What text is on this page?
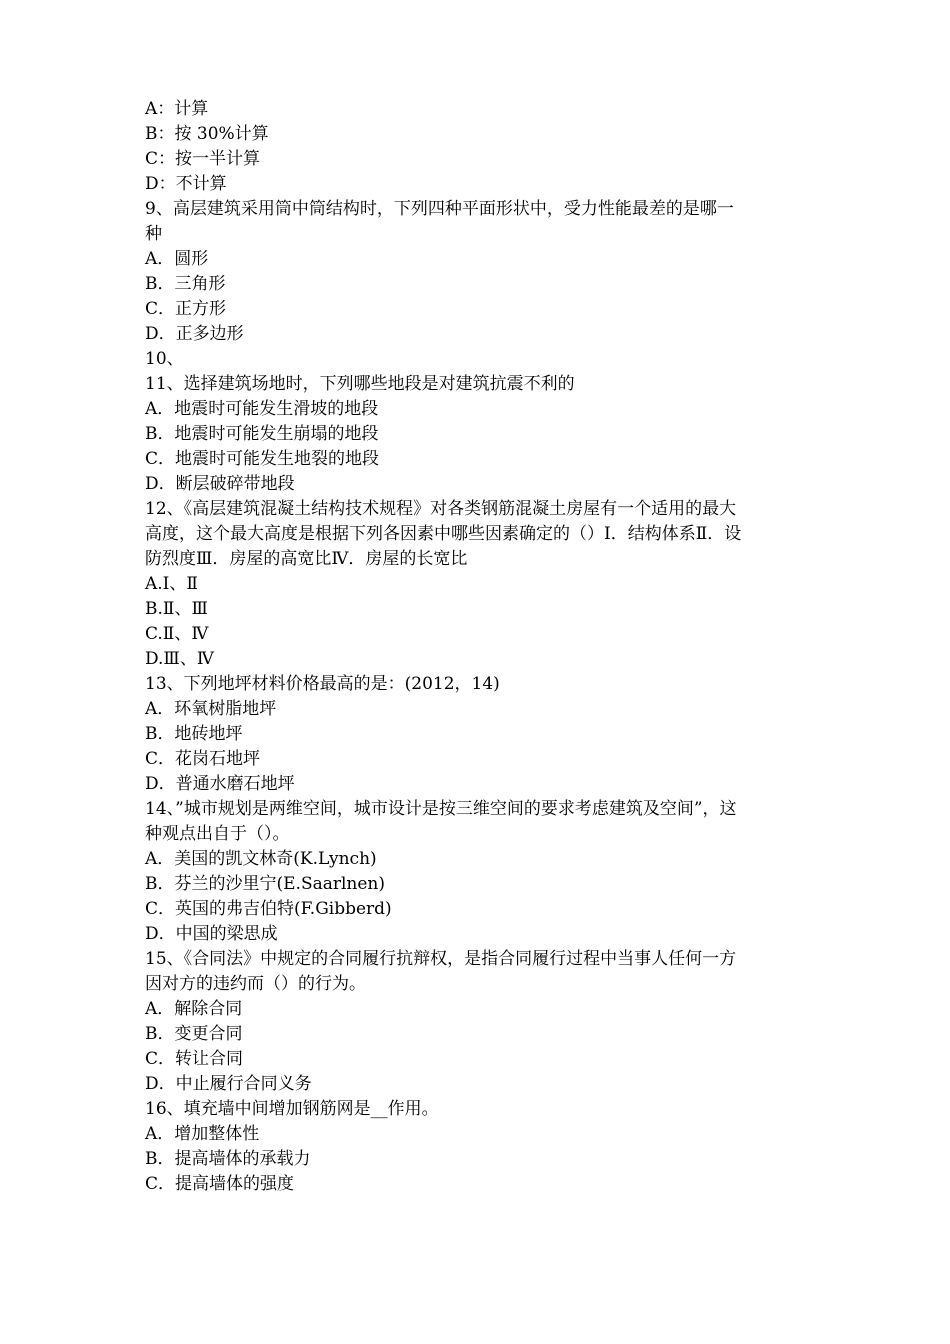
A：计算
B：按 30%计算
C：按一半计算
D：不计算
9、高层建筑采用筒中筒结构时，下列四种平面形状中，受力性能最差的是哪一
种
A．圆形
B．三角形
C．正方形
D．正多边形
10、
11、选择建筑场地时，下列哪些地段是对建筑抗震不利的
A．地震时可能发生滑坡的地段
B．地震时可能发生崩塌的地段
C．地震时可能发生地裂的地段
D．断层破碎带地段
12、《高层建筑混凝土结构技术规程》对各类钢筋混凝土房屋有一个适用的最大
高度，这个最大高度是根据下列各因素中哪些因素确定的（）Ⅰ．结构体系Ⅱ．设
防烈度Ⅲ．房屋的高宽比Ⅳ．房屋的长宽比
A.Ⅰ、Ⅱ
B.Ⅱ、Ⅲ
C.Ⅱ、Ⅳ
D.Ⅲ、Ⅳ
13、下列地坪材料价格最高的是：(2012，14)
A．环氧树脂地坪
B．地砖地坪
C．花岗石地坪
D．普通水磨石地坪
14、”城市规划是两维空间，城市设计是按三维空间的要求考虑建筑及空间”，这
种观点出自于（）。
A．美国的凯文林奇(K.Lynch)
B．芬兰的沙里宁(E.Saarlnen)
C．英国的弗吉伯特(F.Gibberd)
D．中国的梁思成
15、《合同法》中规定的合同履行抗辩权，是指合同履行过程中当事人任何一方
因对方的违约而（）的行为。
A．解除合同
B．变更合同
C．转让合同
D．中止履行合同义务
16、填充墙中间增加钢筋网是__作用。
A．增加整体性
B．提高墙体的承载力
C．提高墙体的强度
